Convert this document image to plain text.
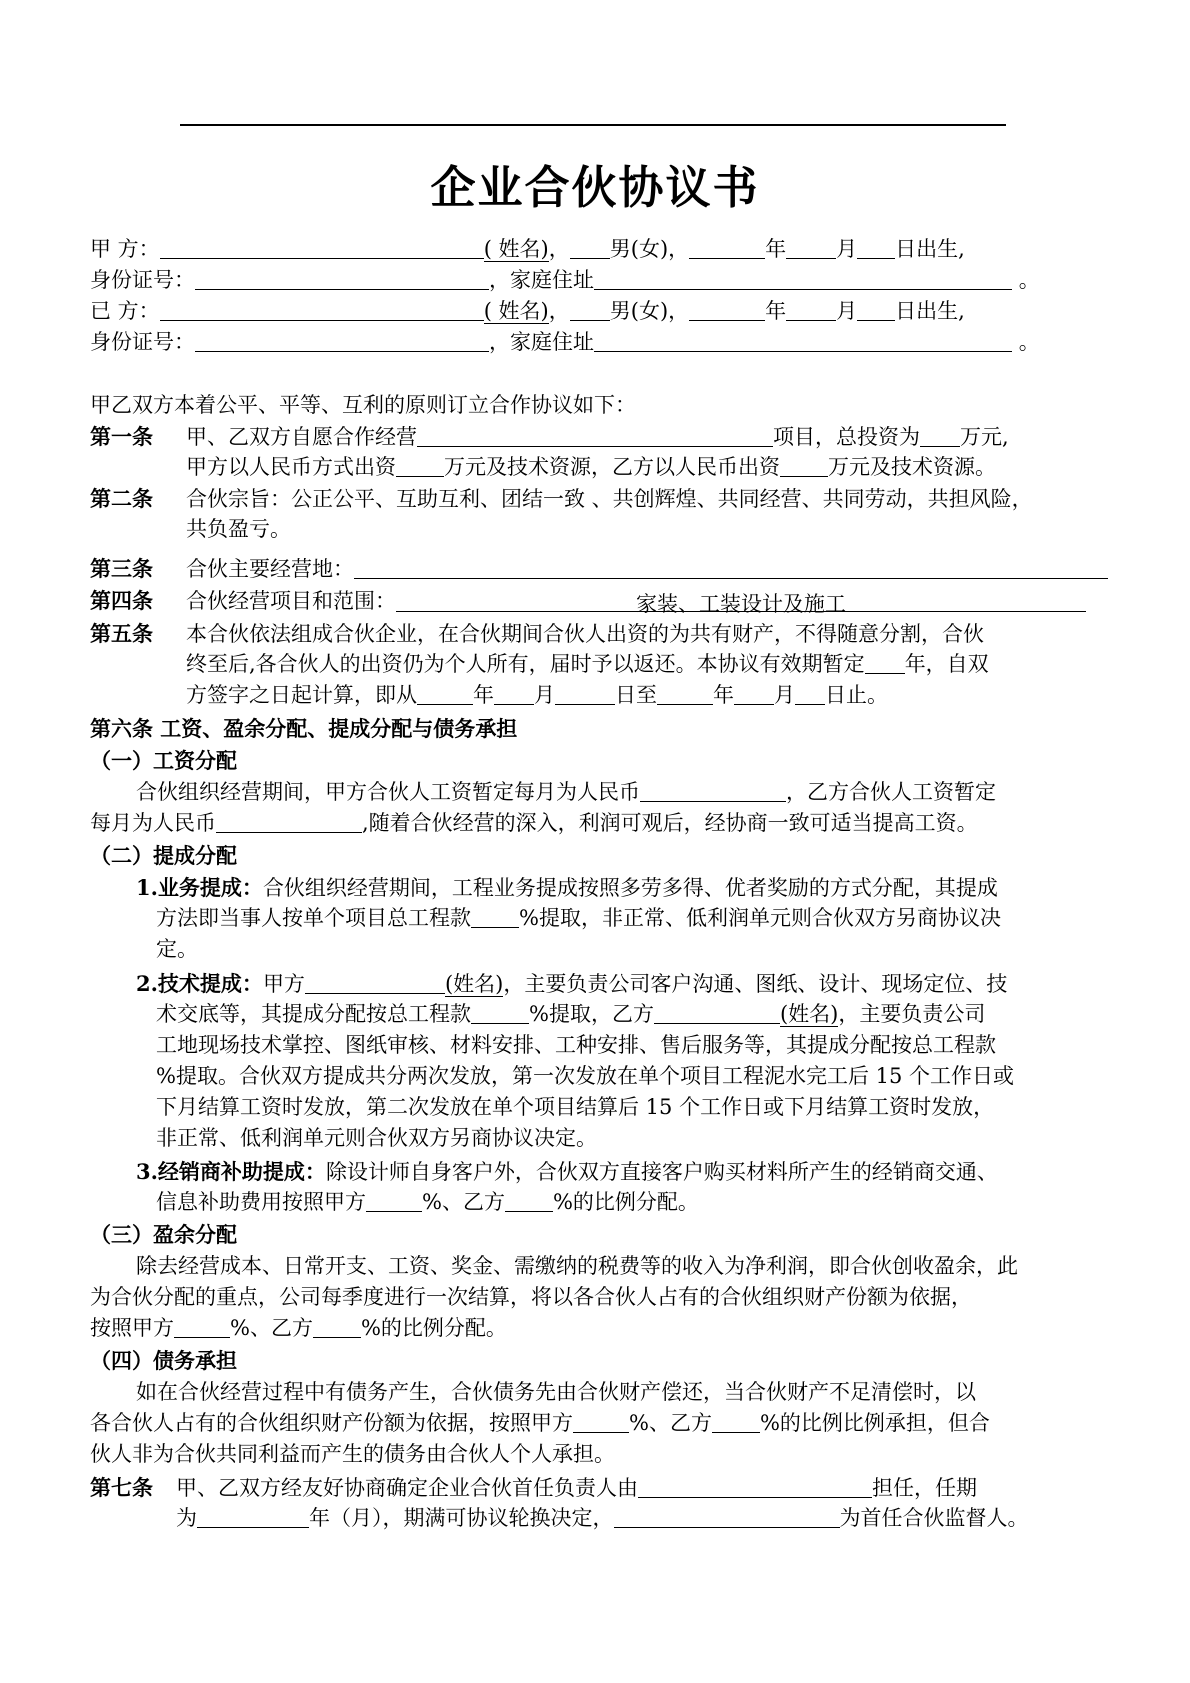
企业合伙协议书
甲 方：	( 姓名)， 男(女)，	年 月 日出生,
身份证号：	，家庭住址	。
已 方：	( 姓名)， 男(女)，	年 月 日出生,
身份证号：	，家庭住址	。
甲乙双方本着公平、平等、互利的原则订立合作协议如下：
第一条 甲、乙双方自愿合作经营	项目，总投资为 万元,
甲方以人民币方式出资 万元及技术资源，乙方以人民币出资 万元及技术资源。
第二条 合伙宗旨：公正公平、互助互利、团结一致 、共创辉煌、共同经营、共同劳动，共担风险，
共负盈亏。
第三条 合伙主要经营地：
第四条 合伙经营项目和范围：	家装、工装设计及施工
第五条 本合伙依法组成合伙企业，在合伙期间合伙人出资的为共有财产，不得随意分割，合伙
终至后,各合伙人的出资仍为个人所有，届时予以返还。本协议有效期暂定 年，自双
方签字之日起计算，即从	年 月	日至	年 月 日止。
第六条 工资、盈余分配、提成分配与债务承担
（一）工资分配
合伙组织经营期间，甲方合伙人工资暂定每月为人民币	，乙方合伙人工资暂定
每月为人民币	,随着合伙经营的深入，利润可观后，经协商一致可适当提高工资。
（二）提成分配
1.业务提成：合伙组织经营期间，工程业务提成按照多劳多得、优者奖励的方式分配，其提成
方法即当事人按单个项目总工程款 %提取，非正常、低利润单元则合伙双方另商协议决
定。
2.技术提成：甲方	(姓名)，主要负责公司客户沟通、图纸、设计、现场定位、技
术交底等，其提成分配按总工程款	%提取，乙方	(姓名)，主要负责公司
工地现场技术掌控、图纸审核、材料安排、工种安排、售后服务等，其提成分配按总工程款
%提取。合伙双方提成共分两次发放，第一次发放在单个项目工程泥水完工后 15 个工作日或
下月结算工资时发放，第二次发放在单个项目结算后 15 个工作日或下月结算工资时发放，
非正常、低利润单元则合伙双方另商协议决定。
3.经销商补助提成：除设计师自身客户外，合伙双方直接客户购买材料所产生的经销商交通、
信息补助费用按照甲方	%、乙方 %的比例分配。
（三）盈余分配
除去经营成本、日常开支、工资、奖金、需缴纳的税费等的收入为净利润，即合伙创收盈余，此
为合伙分配的重点，公司每季度进行一次结算，将以各合伙人占有的合伙组织财产份额为依据，
按照甲方	%、乙方 %的比例分配。
（四）债务承担
如在合伙经营过程中有债务产生，合伙债务先由合伙财产偿还，当合伙财产不足清偿时，以
各合伙人占有的合伙组织财产份额为依据，按照甲方	%、乙方 %的比例比例承担，但合
伙人非为合伙共同利益而产生的债务由合伙人个人承担。
第七条 甲、乙双方经友好协商确定企业合伙首任负责人由	担任，任期
为	年（月），期满可协议轮换决定，	为首任合伙监督人。
